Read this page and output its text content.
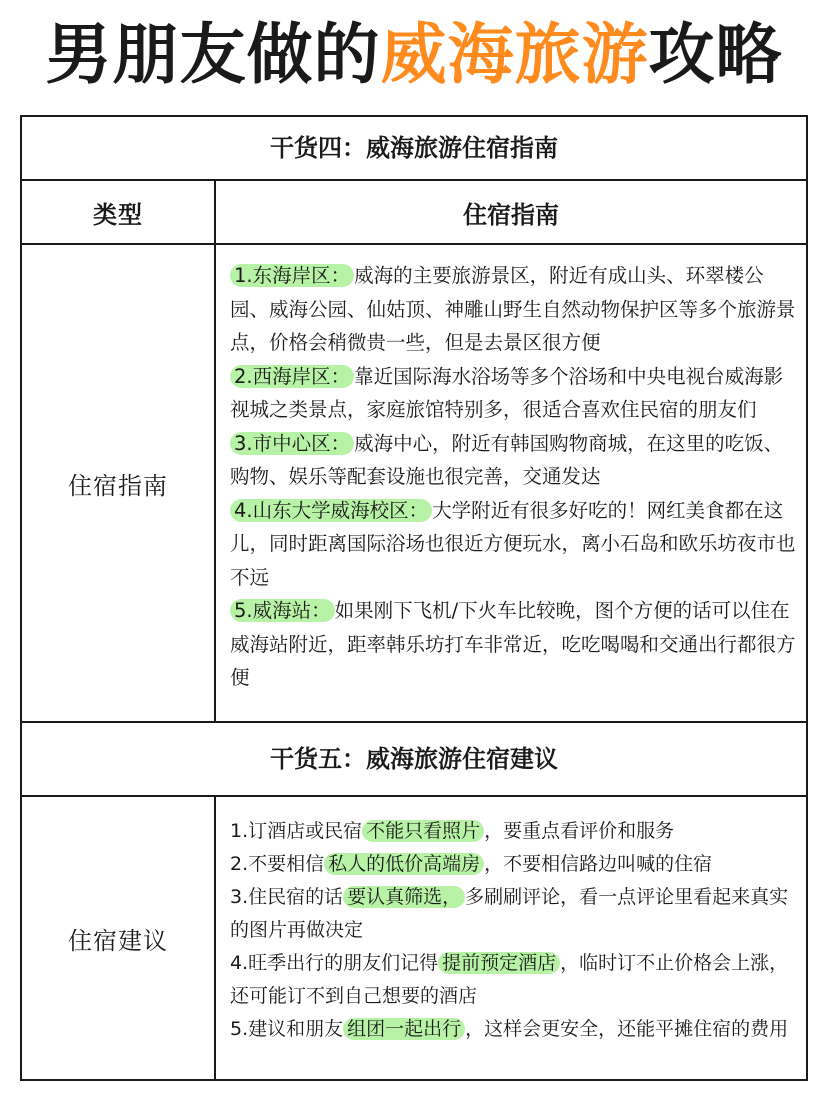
男朋友做的威海旅游攻略
干货四：威海旅游住宿指南
类型	住宿指南
住宿指南
1.东海岸区： 威海的主要旅游景区，附近有成山头、环翠楼公园、威海公园、仙姑顶、神雕山野生自然动物保护区等多个旅游景点，价格会稍微贵一些，但是去景区很方便
2.西海岸区： 靠近国际海水浴场等多个浴场和中央电视台威海影视城之类景点，家庭旅馆特别多，很适合喜欢住民宿的朋友们
3.市中心区： 威海中心，附近有韩国购物商城，在这里的吃饭、购物、娱乐等配套设施也很完善，交通发达
4.山东大学威海校区： 大学附近有很多好吃的！网红美食都在这儿，同时距离国际浴场也很近方便玩水，离小石岛和欧乐坊夜市也不远
5.威海站： 如果刚下飞机/下火车比较晚，图个方便的话可以住在威海站附近，距率韩乐坊打车非常近，吃吃喝喝和交通出行都很方便
干货五：威海旅游住宿建议
住宿建议
1.订酒店或民宿 不能只看照片 ，要重点看评价和服务
2.不要相信 私人的低价高端房 ，不要相信路边叫喊的住宿
3.住民宿的话 要认真筛选， 多刷刷评论，看一点评论里看起来真实的图片再做决定
4.旺季出行的朋友们记得 提前预定酒店 ，临时订不止价格会上涨，还可能订不到自己想要的酒店
5.建议和朋友 组团一起出行 ，这样会更安全，还能平摊住宿的费用
